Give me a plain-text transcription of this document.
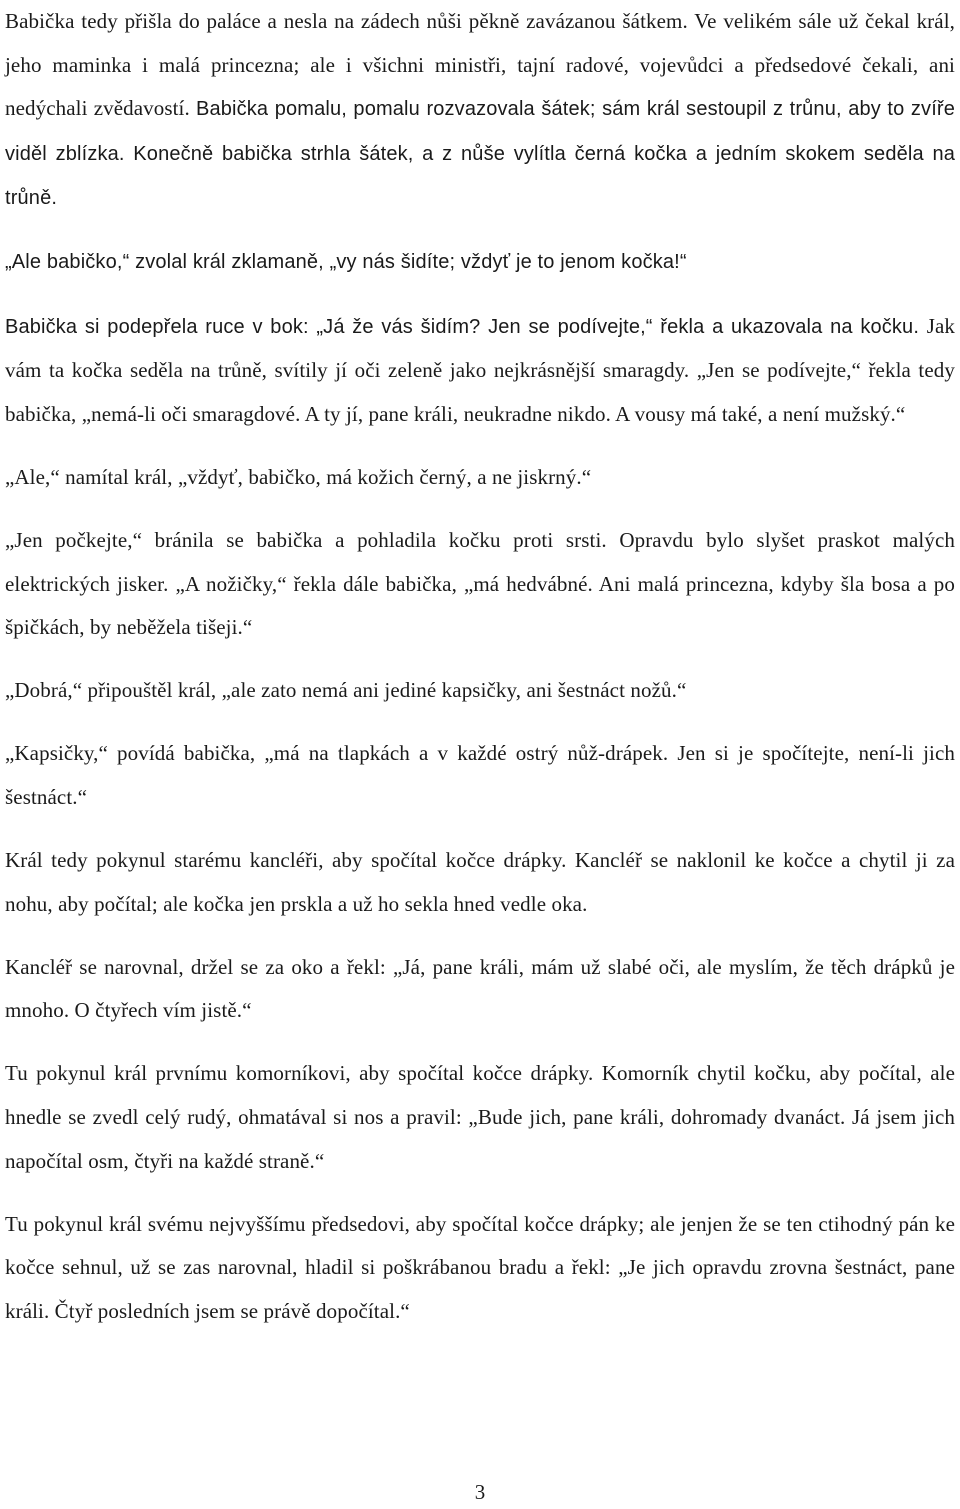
Babička tedy přišla do paláce a nesla na zádech nůši pěkně zavázanou šátkem. Ve velikém sále už čekal král, jeho maminka i malá princezna; ale i všichni ministři, tajní radové, vojevůdci a předsedové čekali, ani nedýchali zvědavostí. Babička pomalu, pomalu rozvazovala šátek; sám král sestoupil z trůnu, aby to zvíře viděl zblízka. Konečně babička strhla šátek, a z nůše vylítla černá kočka a jedním skokem seděla na trůně.

„Ale babičko,“ zvolal král zklamaně, „vy nás šidíte; vždyť je to jenom kočka!“

Babička si podepřela ruce v bok: „Já že vás šidím? Jen se podívejte,“ řekla a ukazovala na kočku. Jak vám ta kočka seděla na trůně, svítily jí oči zeleně jako nejkrásnější smaragdy. „Jen se podívejte,“ řekla tedy babička, „nemá-li oči smaragdové. A ty jí, pane králi, neukradne nikdo. A vousy má také, a není mužský.“

„Ale,“ namítal král, „vždyť, babičko, má kožich černý, a ne jiskrný.“

„Jen počkejte,“ bránila se babička a pohladila kočku proti srsti. Opravdu bylo slyšet praskot malých elektrických jisker. „A nožičky,“ řekla dále babička, „má hedvábné. Ani malá princezna, kdyby šla bosa a po špičkách, by neběžela tišeji.“

„Dobrá,“ připouštěl král, „ale zato nemá ani jediné kapsičky, ani šestnáct nožů.“

„Kapsičky,“ povídá babička, „má na tlapkách a v každé ostrý nůž-drápek. Jen si je spočítejte, není-li jich šestnáct.“

Král tedy pokynul starému kancléři, aby spočítal kočce drápky. Kancléř se naklonil ke kočce a chytil ji za nohu, aby počítal; ale kočka jen prskla a už ho sekla hned vedle oka.

Kancléř se narovnal, držel se za oko a řekl: „Já, pane králi, mám už slabé oči, ale myslím, že těch drápků je mnoho. O čtyřech vím jistě.“

Tu pokynul král prvnímu komorníkovi, aby spočítal kočce drápky. Komorník chytil kočku, aby počítal, ale hnedle se zvedl celý rudý, ohmatával si nos a pravil: „Bude jich, pane králi, dohromady dvanáct. Já jsem jich napočítal osm, čtyři na každé straně.“

Tu pokynul král svému nejvyššímu předsedovi, aby spočítal kočce drápky; ale jenjen že se ten ctihodný pán ke kočce sehnul, už se zas narovnal, hladil si poškrábanou bradu a řekl: „Je jich opravdu zrovna šestnáct, pane králi. Čtyř posledních jsem se právě dopočítal.“

3
